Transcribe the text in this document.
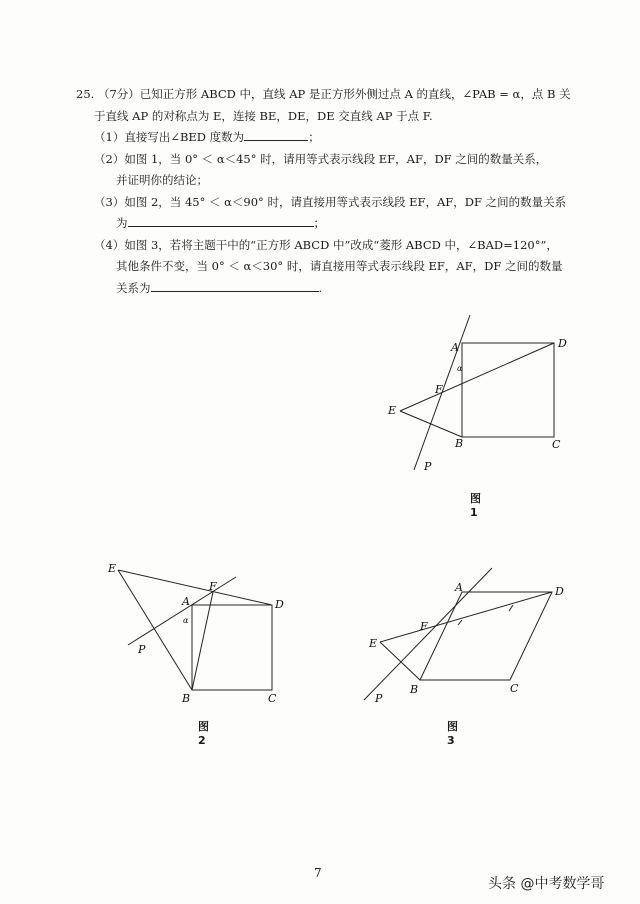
25. （7分）已知正方形 ABCD 中，直线 AP 是正方形外侧过点 A 的直线，∠PAB = α，点 B 关
于直线 AP 的对称点为 E，连接 BE，DE，DE 交直线 AP 于点 F.
（1）直接写出∠BED 度数为	；
（2）如图 1，当 0° ＜ α＜45° 时，请用等式表示线段 EF，AF，DF 之间的数量关系，
并证明你的结论；
（3）如图 2，当 45° ＜ α＜90° 时，请直接用等式表示线段 EF，AF，DF 之间的数量关系
为	；
（4）如图 3，若将主题干中的“正方形 ABCD 中”改成“菱形 ABCD 中，∠BAD=120°”，
其他条件不变，当 0° ＜ α＜30° 时，请直接用等式表示线段 EF，AF，DF 之间的数量
关系为	.
A	D
B	C
E
F
P
α
图 1
E
F
A	D
B	C
P
α
图 2
A	D
F
E
B	C
P
图 3
7
头条 @中考数学哥
